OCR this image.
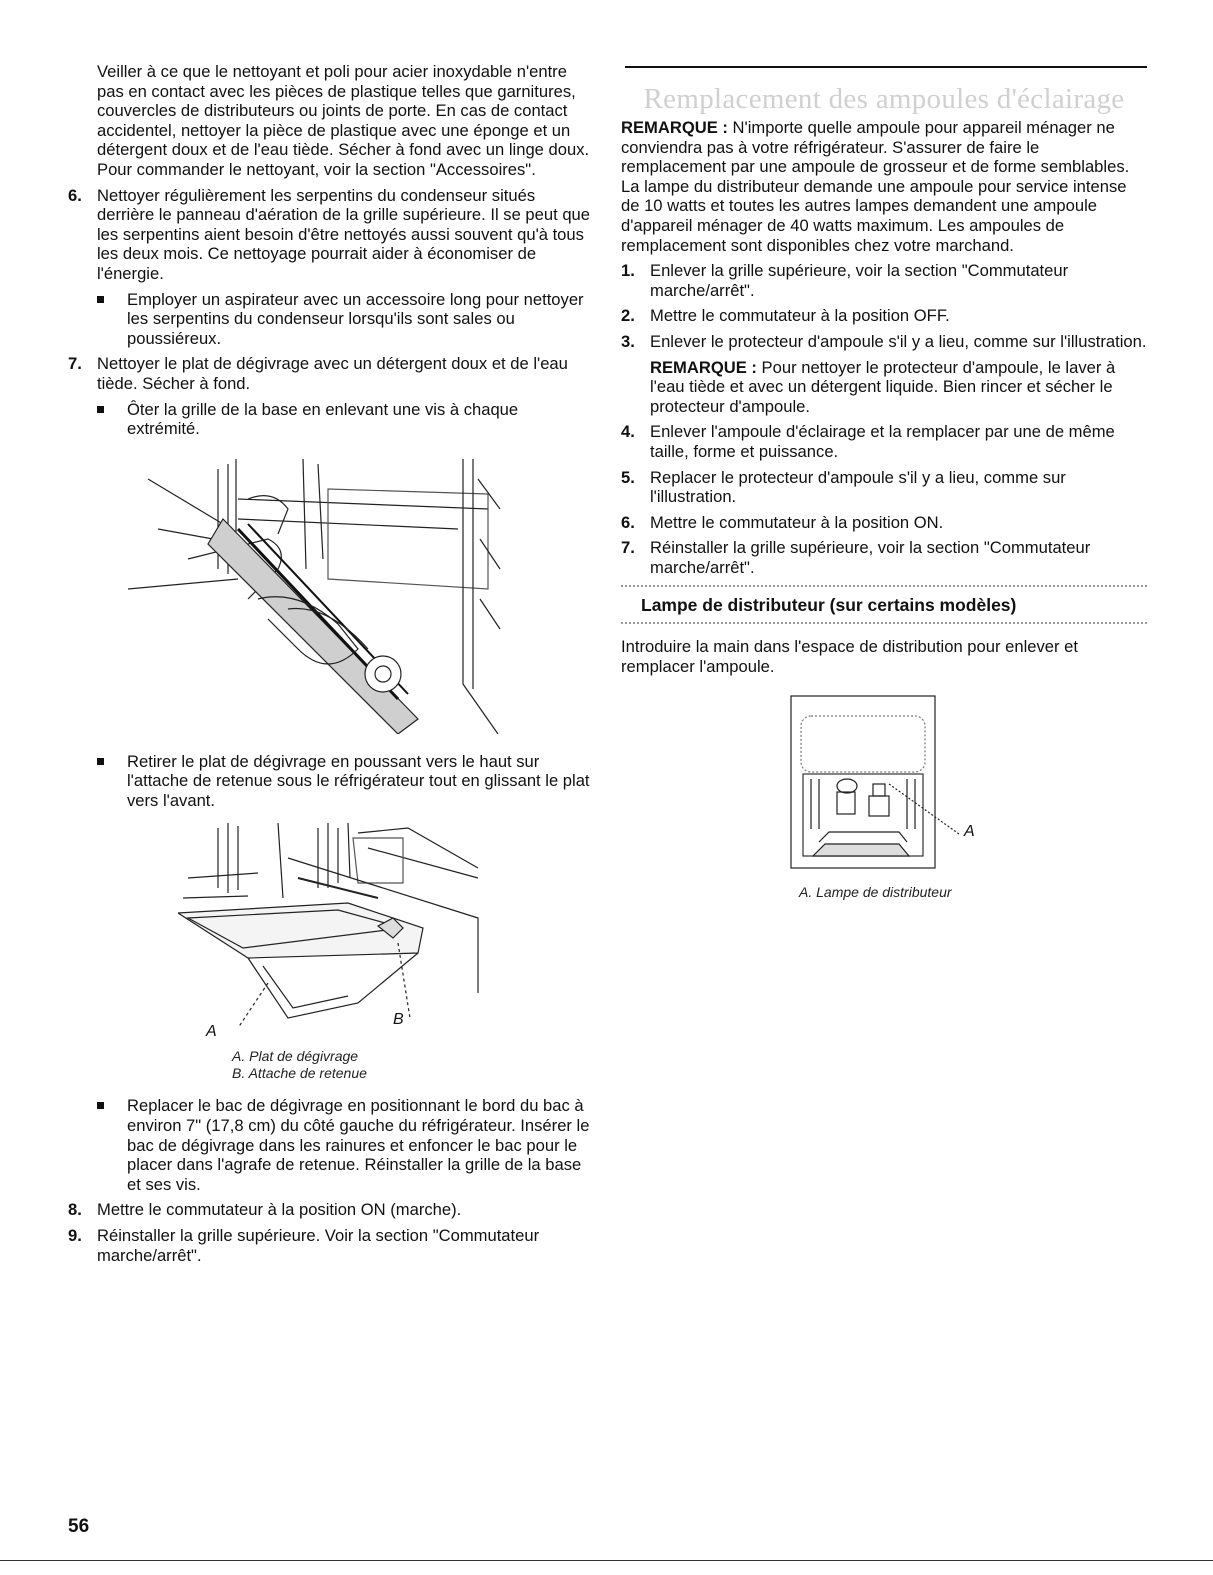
Veiller à ce que le nettoyant et poli pour acier inoxydable n'entre pas en contact avec les pièces de plastique telles que garnitures, couvercles de distributeurs ou joints de porte. En cas de contact accidentel, nettoyer la pièce de plastique avec une éponge et un détergent doux et de l'eau tiède. Sécher à fond avec un linge doux. Pour commander le nettoyant, voir la section "Accessoires".

6. Nettoyer régulièrement les serpentins du condenseur situés derrière le panneau d'aération de la grille supérieure. Il se peut que les serpentins aient besoin d'être nettoyés aussi souvent qu'à tous les deux mois. Ce nettoyage pourrait aider à économiser de l'énergie.
Employer un aspirateur avec un accessoire long pour nettoyer les serpentins du condenseur lorsqu'ils sont sales ou poussiéreux.
7. Nettoyer le plat de dégivrage avec un détergent doux et de l'eau tiède. Sécher à fond.
Ôter la grille de la base en enlevant une vis à chaque extrémité.
Retirer le plat de dégivrage en poussant vers le haut sur l'attache de retenue sous le réfrigérateur tout en glissant le plat vers l'avant.
A
B
A. Plat de dégivrage
B. Attache de retenue
Replacer le bac de dégivrage en positionnant le bord du bac à environ 7" (17,8 cm) du côté gauche du réfrigérateur. Insérer le bac de dégivrage dans les rainures et enfoncer le bac pour le placer dans l'agrafe de retenue. Réinstaller la grille de la base et ses vis.
8. Mettre le commutateur à la position ON (marche).
9. Réinstaller la grille supérieure. Voir la section "Commutateur marche/arrêt".
Remplacement des ampoules d'éclairage

REMARQUE : N'importe quelle ampoule pour appareil ménager ne conviendra pas à votre réfrigérateur. S'assurer de faire le remplacement par une ampoule de grosseur et de forme semblables. La lampe du distributeur demande une ampoule pour service intense de 10 watts et toutes les autres lampes demandent une ampoule d'appareil ménager de 40 watts maximum. Les ampoules de remplacement sont disponibles chez votre marchand.

1. Enlever la grille supérieure, voir la section "Commutateur marche/arrêt".
2. Mettre le commutateur à la position OFF.
3. Enlever le protecteur d'ampoule s'il y a lieu, comme sur l'illustration.

REMARQUE : Pour nettoyer le protecteur d'ampoule, le laver à l'eau tiède et avec un détergent liquide. Bien rincer et sécher le protecteur d'ampoule.

4. Enlever l'ampoule d'éclairage et la remplacer par une de même taille, forme et puissance.
5. Replacer le protecteur d'ampoule s'il y a lieu, comme sur l'illustration.
6. Mettre le commutateur à la position ON.
7. Réinstaller la grille supérieure, voir la section "Commutateur marche/arrêt".
Lampe de distributeur (sur certains modèles)

Introduire la main dans l'espace de distribution pour enlever et remplacer l'ampoule.

A
A. Lampe de distributeur
56
